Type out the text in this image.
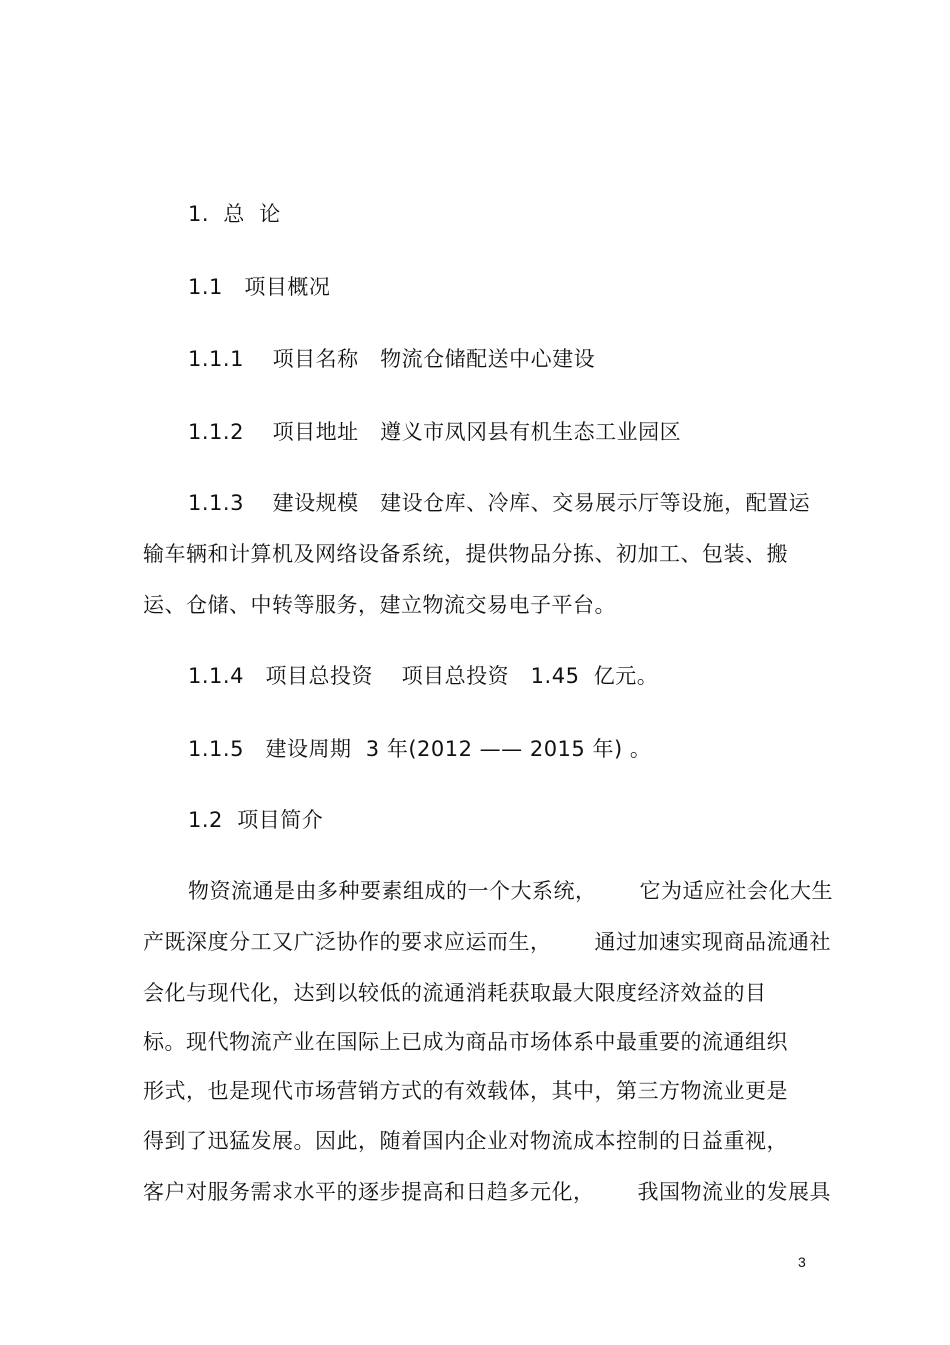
1.  总  论
1.1   项目概况
1.1.1    项目名称   物流仓储配送中心建设
1.1.2    项目地址   遵义市凤冈县有机生态工业园区
1.1.3    建设规模   建设仓库、冷库、交易展示厅等设施，配置运
输车辆和计算机及网络设备系统，提供物品分拣、初加工、包装、搬
运、仓储、中转等服务，建立物流交易电子平台。
1.1.4   项目总投资    项目总投资   1.45  亿元。
1.1.5   建设周期  3 年(2012 —— 2015 年) 。
1.2  项目简介
物资流通是由多种要素组成的一个大系统，      它为适应社会化大生
产既深度分工又广泛协作的要求应运而生，      通过加速实现商品流通社
会化与现代化，达到以较低的流通消耗获取最大限度经济效益的目
标。现代物流产业在国际上已成为商品市场体系中最重要的流通组织
形式，也是现代市场营销方式的有效载体，其中，第三方物流业更是
得到了迅猛发展。因此，随着国内企业对物流成本控制的日益重视，
客户对服务需求水平的逐步提高和日趋多元化，      我国物流业的发展具
3
